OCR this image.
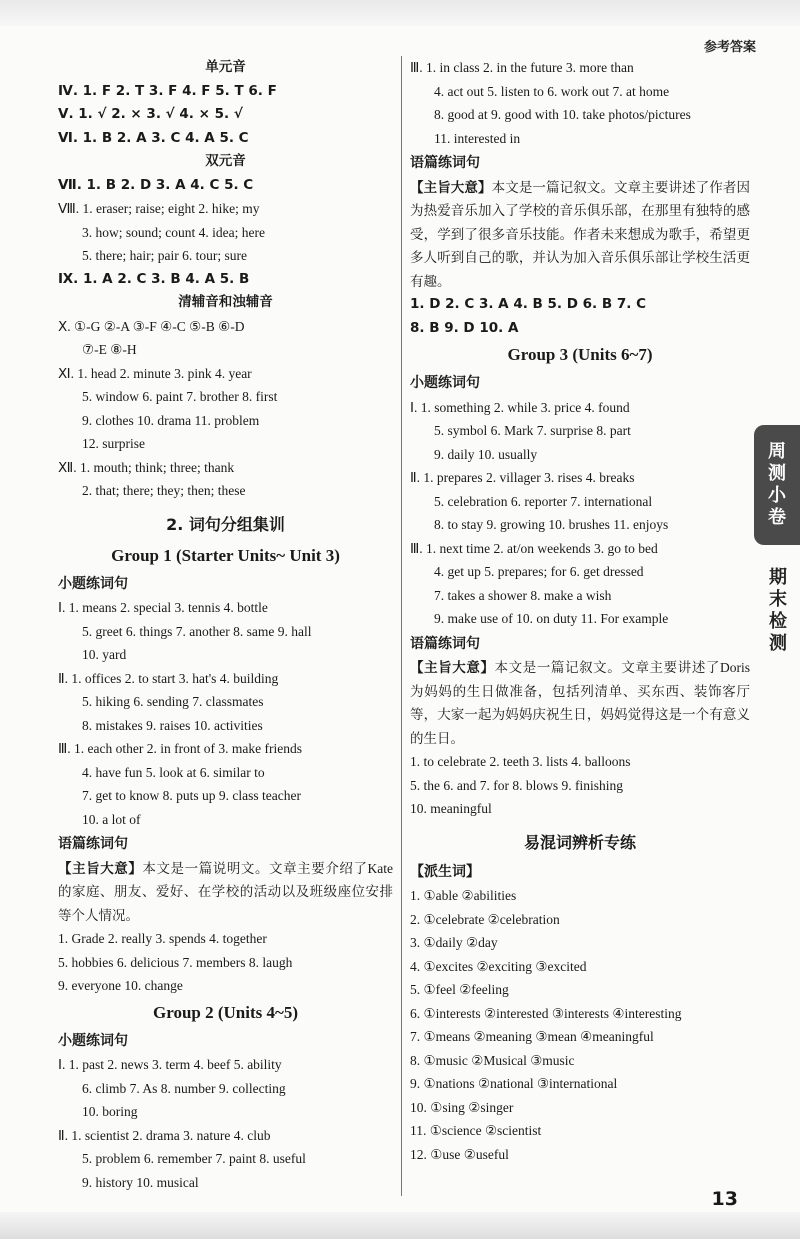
参考答案
单元音
Ⅳ. 1. F 2. T 3. F 4. F 5. T 6. F
Ⅴ. 1. √ 2. × 3. √ 4. × 5. √
Ⅵ. 1. B 2. A 3. C 4. A 5. C
双元音
Ⅶ. 1. B 2. D 3. A 4. C 5. C
Ⅷ. 1. eraser; raise; eight 2. hike; my
3. how; sound; count 4. idea; here
5. there; hair; pair 6. tour; sure
Ⅸ. 1. A 2. C 3. B 4. A 5. B
清辅音和浊辅音
Ⅹ. ①-G ②-A ③-F ④-C ⑤-B ⑥-D
⑦-E ⑧-H
Ⅺ. 1. head 2. minute 3. pink 4. year
5. window 6. paint 7. brother 8. first
9. clothes 10. drama 11. problem
12. surprise
Ⅻ. 1. mouth; think; three; thank
2. that; there; they; then; these
2. 词句分组集训
Group 1 (Starter Units~ Unit 3)
小题练词句
Ⅰ. 1. means 2. special 3. tennis 4. bottle
5. greet 6. things 7. another 8. same 9. hall
10. yard
Ⅱ. 1. offices 2. to start 3. hat's 4. building
5. hiking 6. sending 7. classmates
8. mistakes 9. raises 10. activities
Ⅲ. 1. each other 2. in front of 3. make friends
4. have fun 5. look at 6. similar to
7. get to know 8. puts up 9. class teacher
10. a lot of
语篇练词句
【主旨大意】本文是一篇说明文。文章主要介绍了Kate的家庭、朋友、爱好、在学校的活动以及班级座位安排等个人情况。
1. Grade 2. really 3. spends 4. together
5. hobbies 6. delicious 7. members 8. laugh
9. everyone 10. change
Group 2 (Units 4~5)
小题练词句
Ⅰ. 1. past 2. news 3. term 4. beef 5. ability
6. climb 7. As 8. number 9. collecting
10. boring
Ⅱ. 1. scientist 2. drama 3. nature 4. club
5. problem 6. remember 7. paint 8. useful
9. history 10. musical
Ⅲ. 1. in class 2. in the future 3. more than
4. act out 5. listen to 6. work out 7. at home
8. good at 9. good with 10. take photos/pictures
11. interested in
语篇练词句
【主旨大意】本文是一篇记叙文。文章主要讲述了作者因为热爱音乐加入了学校的音乐俱乐部，在那里有独特的感受，学到了很多音乐技能。作者未来想成为歌手，希望更多人听到自己的歌，并认为加入音乐俱乐部让学校生活更有趣。
1. D 2. C 3. A 4. B 5. D 6. B 7. C
8. B 9. D 10. A
Group 3 (Units 6~7)
小题练词句
Ⅰ. 1. something 2. while 3. price 4. found
5. symbol 6. Mark 7. surprise 8. part
9. daily 10. usually
Ⅱ. 1. prepares 2. villager 3. rises 4. breaks
5. celebration 6. reporter 7. international
8. to stay 9. growing 10. brushes 11. enjoys
Ⅲ. 1. next time 2. at/on weekends 3. go to bed
4. get up 5. prepares; for 6. get dressed
7. takes a shower 8. make a wish
9. make use of 10. on duty 11. For example
语篇练词句
【主旨大意】本文是一篇记叙文。文章主要讲述了Doris为妈妈的生日做准备，包括列清单、买东西、装饰客厅等，大家一起为妈妈庆祝生日，妈妈觉得这是一个有意义的生日。
1. to celebrate 2. teeth 3. lists 4. balloons
5. the 6. and 7. for 8. blows 9. finishing
10. meaningful
易混词辨析专练
【派生词】
1. ①able ②abilities
2. ①celebrate ②celebration
3. ①daily ②day
4. ①excites ②exciting ③excited
5. ①feel ②feeling
6. ①interests ②interested ③interests ④interesting
7. ①means ②meaning ③mean ④meaningful
8. ①music ②Musical ③music
9. ①nations ②national ③international
10. ①sing ②singer
11. ①science ②scientist
12. ①use ②useful
周
测
小
卷
期
末
检
测
13
